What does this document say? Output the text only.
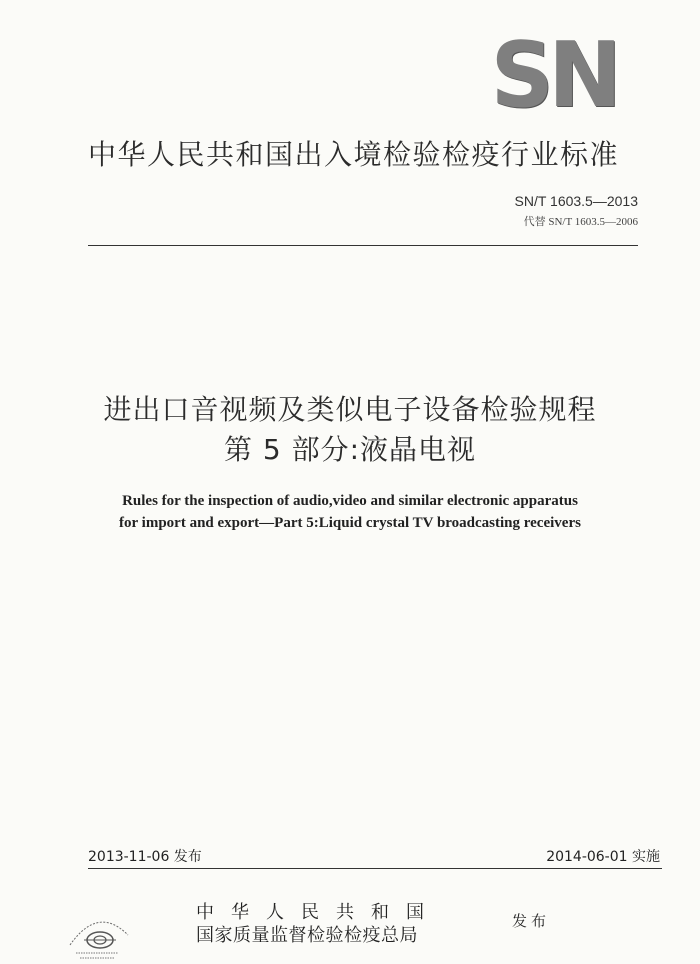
SN
中华人民共和国出入境检验检疫行业标准
SN/T 1603.5—2013
代替 SN/T 1603.5—2006
进出口音视频及类似电子设备检验规程
第 5 部分:液晶电视
Rules for the inspection of audio,video and similar electronic apparatus
for import and export—Part 5:Liquid crystal TV broadcasting receivers
2013-11-06 发布	2014-06-01 实施
中华人民共和国
国家质量监督检验检疫总局
发布
